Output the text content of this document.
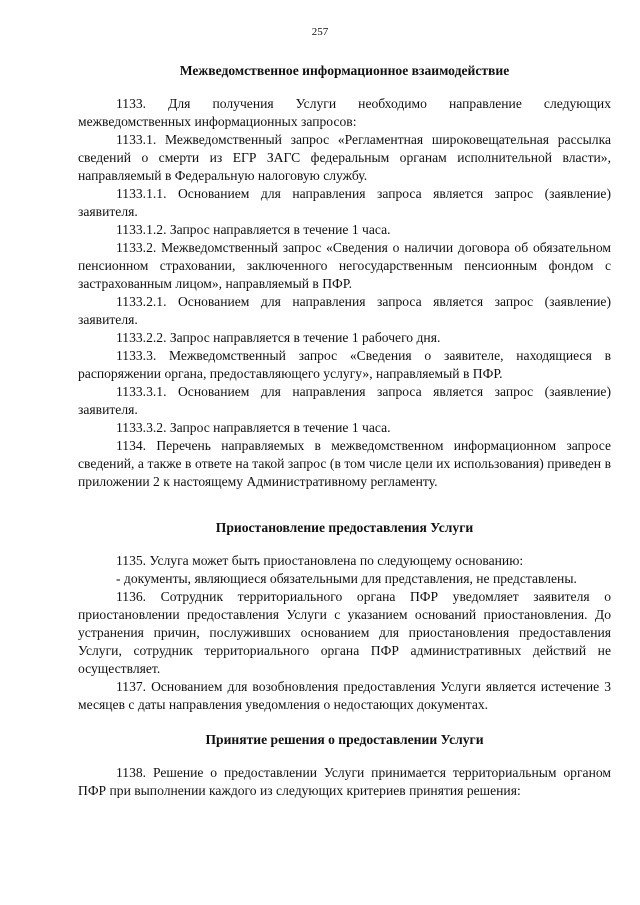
257

Межведомственное информационное взаимодействие

1133. Для получения Услуги необходимо направление следующих межведомственных информационных запросов:

1133.1. Межведомственный запрос «Регламентная широковещательная рассылка сведений о смерти из ЕГР ЗАГС федеральным органам исполнительной власти», направляемый в Федеральную налоговую службу.

1133.1.1. Основанием для направления запроса является запрос (заявление) заявителя.

1133.1.2. Запрос направляется в течение 1 часа.

1133.2. Межведомственный запрос «Сведения о наличии договора об обязательном пенсионном страховании, заключенного негосударственным пенсионным фондом с застрахованным лицом», направляемый в ПФР.

1133.2.1. Основанием для направления запроса является запрос (заявление) заявителя.

1133.2.2. Запрос направляется в течение 1 рабочего дня.

1133.3. Межведомственный запрос «Сведения о заявителе, находящиеся в распоряжении органа, предоставляющего услугу», направляемый в ПФР.

1133.3.1. Основанием для направления запроса является запрос (заявление) заявителя.

1133.3.2. Запрос направляется в течение 1 часа.

1134. Перечень направляемых в межведомственном информационном запросе сведений, а также в ответе на такой запрос (в том числе цели их использования) приведен в приложении 2 к настоящему Административному регламенту.

Приостановление предоставления Услуги

1135. Услуга может быть приостановлена по следующему основанию:

- документы, являющиеся обязательными для представления, не представлены.

1136. Сотрудник территориального органа ПФР уведомляет заявителя о приостановлении предоставления Услуги с указанием оснований приостановления. До устранения причин, послуживших основанием для приостановления предоставления Услуги, сотрудник территориального органа ПФР административных действий не осуществляет.

1137. Основанием для возобновления предоставления Услуги является истечение 3 месяцев с даты направления уведомления о недостающих документах.

Принятие решения о предоставлении Услуги

1138. Решение о предоставлении Услуги принимается территориальным органом ПФР при выполнении каждого из следующих критериев принятия решения:
